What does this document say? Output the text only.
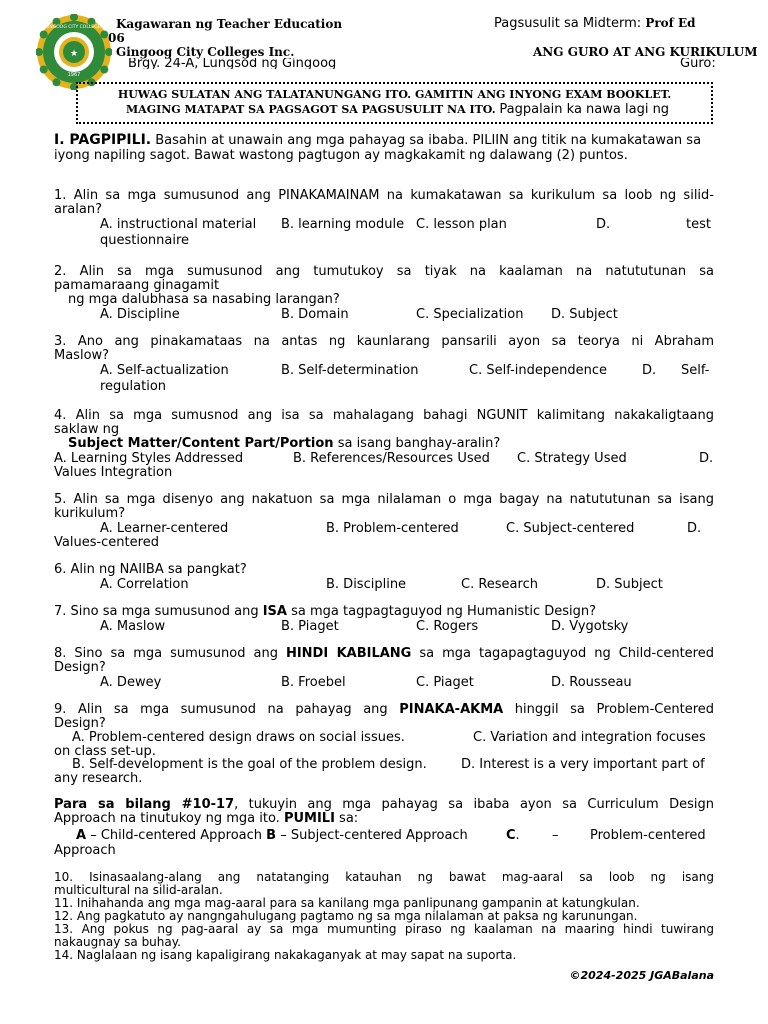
★
1967
GINGOOG CITY COLLEGES Kagawaran ng Teacher Education
06
Gingoog City Colleges Inc.
Brgy. 24-A, Lungsod ng Gingoog
Pagsusulit sa Midterm: Prof Ed
ANG GURO AT ANG KURIKULUM
Guro:
HUWAG SULATAN ANG TALATANUNGANG ITO. GAMITIN ANG INYONG EXAM BOOKLET.
MAGING MATAPAT SA PAGSAGOT SA PAGSUSULIT NA ITO. Pagpalain ka nawa lagi ng
I. PAGPIPILI. Basahin at unawain ang mga pahayag sa ibaba. PILIIN ang titik na kumakatawan sa iyong napiling sagot. Bawat wastong pagtugon ay magkakamit ng dalawang (2) puntos.
1. Alin sa mga sumusunod ang PINAKAMAINAM na kumakatawan sa kurikulum sa loob ng silid-
aralan?
A. instructional material B. learning module C. lesson plan	D.	test
questionnaire
2. Alin sa mga sumusunod ang tumutukoy sa tiyak na kaalaman na natututunan sa
pamamaraang ginagamit
ng mga dalubhasa sa nasabing larangan?
A. Discipline	B. Domain	C. Specialization D. Subject
3. Ano ang pinakamataas na antas ng kaunlarang pansarili ayon sa teorya ni Abraham
Maslow?
A. Self-actualization	B. Self-determination	C. Self-independence	D. Self-
regulation
4. Alin sa mga sumusnod ang isa sa mahalagang bahagi NGUNIT kalimitang nakakaligtaang
saklaw ng
Subject Matter/Content Part/Portion sa isang banghay-aralin?
A. Learning Styles Addressed	B. References/Resources Used C. Strategy Used	D.
Values Integration
5. Alin sa mga disenyo ang nakatuon sa mga nilalaman o mga bagay na natututunan sa isang
kurikulum?
A. Learner-centered	B. Problem-centered	C. Subject-centered	D.
Values-centered
6. Alin ng NAIIBA sa pangkat?
A. Correlation	B. Discipline	C. Research	D. Subject
7. Sino sa mga sumusunod ang ISA sa mga tagpagtaguyod ng Humanistic Design?
A. Maslow	B. Piaget	C. Rogers	D. Vygotsky
8. Sino sa mga sumusunod ang HINDI KABILANG sa mga tagapagtaguyod ng Child-centered
Design?
A. Dewey	B. Froebel	C. Piaget	D. Rousseau
9. Alin sa mga sumusunod na pahayag ang PINAKA-AKMA hinggil sa Problem-Centered
Design?
A. Problem-centered design draws on social issues.	C. Variation and integration focuses
on class set-up.
B. Self-development is the goal of the problem design.	D. Interest is a very important part of
any research.
Para sa bilang #10-17, tukuyin ang mga pahayag sa ibaba ayon sa Curriculum Design
Approach na tinutukoy ng mga ito. PUMILI sa:
A – Child-centered Approach B – Subject-centered Approach	C. – Problem-centered
Approach
10. Isinasaalang-alang ang natatanging katauhan ng bawat mag-aaral sa loob ng isang
multicultural na silid-aralan.
11. Inihahanda ang mga mag-aaral para sa kanilang mga panlipunang gampanin at katungkulan.
12. Ang pagkatuto ay nangngahulugang pagtamo ng sa mga nilalaman at paksa ng karunungan.
13. Ang pokus ng pag-aaral ay sa mga mumunting piraso ng kaalaman na maaring hindi tuwirang
nakaugnay sa buhay.
14. Naglalaan ng isang kapaligirang nakakaganyak at may sapat na suporta.
©2024-2025 JGABalana
